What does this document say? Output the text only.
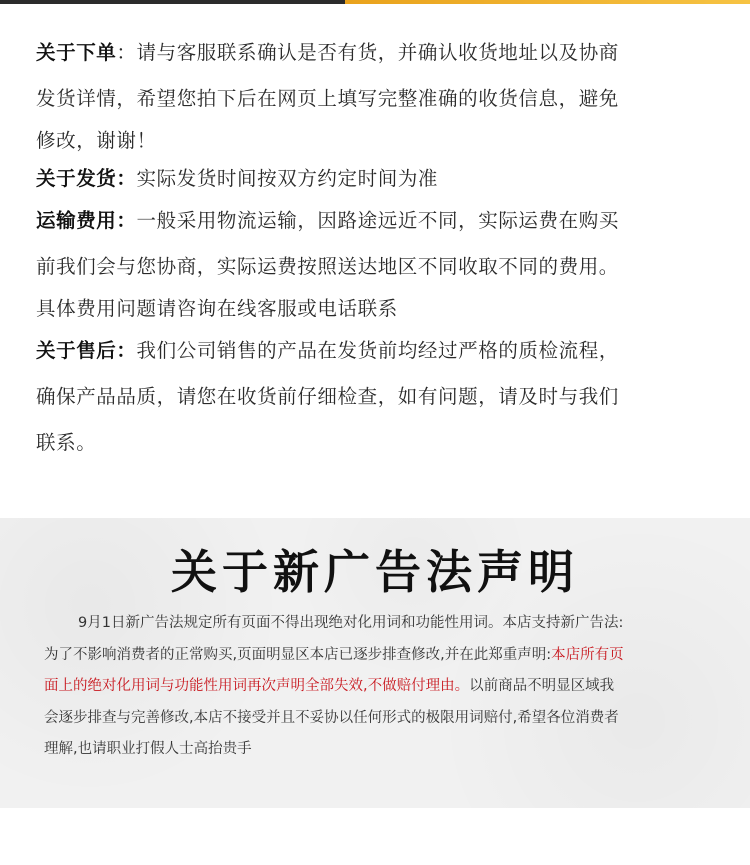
关于下单：请与客服联系确认是否有货，并确认收货地址以及协商

发货详情，希望您拍下后在网页上填写完整准确的收货信息，避免

修改，谢谢！

关于发货：实际发货时间按双方约定时间为准

运输费用：一般采用物流运输，因路途远近不同，实际运费在购买

前我们会与您协商，实际运费按照送达地区不同收取不同的费用。

具体费用问题请咨询在线客服或电话联系

关于售后：我们公司销售的产品在发货前均经过严格的质检流程，

确保产品品质，请您在收货前仔细检查，如有问题，请及时与我们

联系。

关于新广告法声明
9月1日新广告法规定所有页面不得出现绝对化用词和功能性用词。本店支持新广告法:
为了不影响消费者的正常购买,页面明显区本店已逐步排查修改,并在此郑重声明:本店所有页
面上的绝对化用词与功能性用词再次声明全部失效,不做赔付理由。以前商品不明显区域我
会逐步排查与完善修改,本店不接受并且不妥协以任何形式的极限用词赔付,希望各位消费者
理解,也请职业打假人士高抬贵手
